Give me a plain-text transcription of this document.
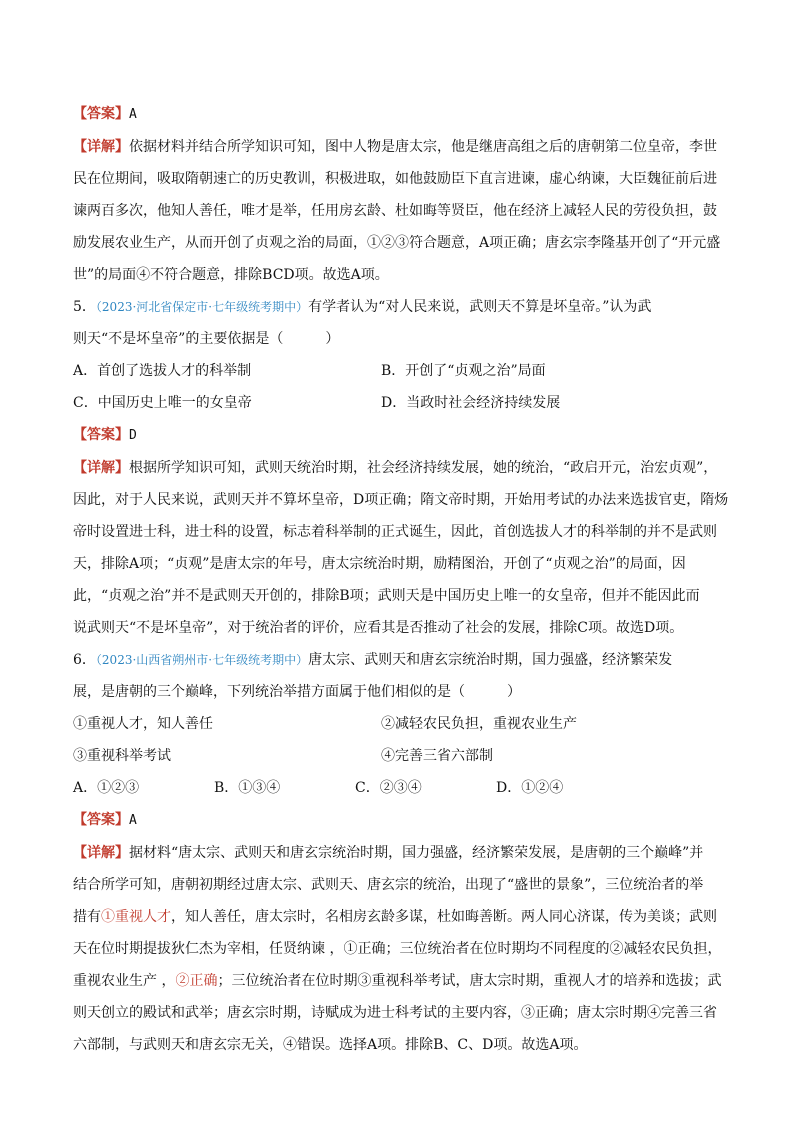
【答案】A
【详解】依据材料并结合所学知识可知，图中人物是唐太宗，他是继唐高组之后的唐朝第二位皇帝，李世
民在位期间，吸取隋朝速亡的历史教训，积极进取，如他鼓励臣下直言进谏，虚心纳谏，大臣魏征前后进
谏两百多次，他知人善任，唯才是举，任用房玄龄、杜如晦等贤臣，他在经济上减轻人民的劳役负担，鼓
励发展农业生产，从而开创了贞观之治的局面，①②③符合题意，A项正确；唐玄宗李隆基开创了“开元盛
世”的局面④不符合题意，排除BCD项。故选A项。
5．（2023·河北省保定市·七年级统考期中）有学者认为“对人民来说，武则天不算是坏皇帝。”认为武
则天“不是坏皇帝”的主要依据是（　　　）
A．首创了选拔人才的科举制	B．开创了“贞观之治”局面
C．中国历史上唯一的女皇帝	D．当政时社会经济持续发展
【答案】D
【详解】根据所学知识可知，武则天统治时期，社会经济持续发展，她的统治，“政启开元，治宏贞观”，
因此，对于人民来说，武则天并不算坏皇帝，D项正确；隋文帝时期，开始用考试的办法来选拔官吏，隋炀
帝时设置进士科，进士科的设置，标志着科举制的正式诞生，因此，首创选拔人才的科举制的并不是武则
天，排除A项；“贞观”是唐太宗的年号，唐太宗统治时期，励精图治，开创了“贞观之治”的局面，因
此，“贞观之治”并不是武则天开创的，排除B项；武则天是中国历史上唯一的女皇帝，但并不能因此而
说武则天“不是坏皇帝”，对于统治者的评价，应看其是否推动了社会的发展，排除C项。故选D项。
6．（2023·山西省朔州市·七年级统考期中）唐太宗、武则天和唐玄宗统治时期，国力强盛，经济繁荣发
展，是唐朝的三个巅峰，下列统治举措方面属于他们相似的是（　　　）
①重视人才，知人善任	②减轻农民负担，重视农业生产
③重视科举考试	④完善三省六部制
A．①②③	B．①③④	C．②③④	D．①②④
【答案】A
【详解】据材料“唐太宗、武则天和唐玄宗统治时期，国力强盛，经济繁荣发展，是唐朝的三个巅峰”并
结合所学可知，唐朝初期经过唐太宗、武则天、唐玄宗的统治，出现了“盛世的景象”，三位统治者的举
措有①重视人才，知人善任，唐太宗时，名相房玄龄多谋，杜如晦善断。两人同心济谋，传为美谈；武则
天在位时期提拔狄仁杰为宰相，任贤纳谏 ，①正确；三位统治者在位时期均不同程度的②减轻农民负担，
重视农业生产 ，②正确；三位统治者在位时期③重视科举考试，唐太宗时期，重视人才的培养和选拔；武
则天创立的殿试和武举；唐玄宗时期，诗赋成为进士科考试的主要内容，③正确；唐太宗时期④完善三省
六部制，与武则天和唐玄宗无关，④错误。选择A项。排除B、C、D项。故选A项。
